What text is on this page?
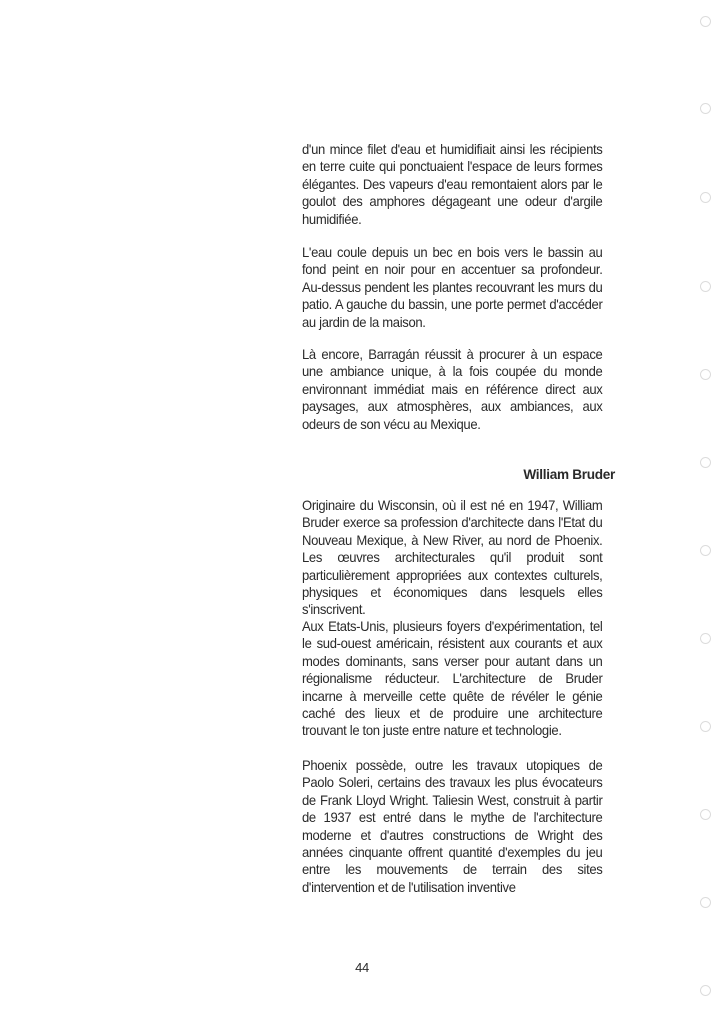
d'un mince filet d'eau et humidifiait ainsi les récipients en terre cuite qui ponctuaient l'espace de leurs formes élégantes. Des vapeurs d'eau remontaient alors par le goulot des amphores dégageant une odeur d'argile humidifiée.

L'eau coule depuis un bec en bois vers le bassin au fond peint en noir pour en accentuer sa profondeur. Au-dessus pendent les plantes recouvrant les murs du patio. A gauche du bassin, une porte permet d'accéder au jardin de la maison.

Là encore, Barragán réussit à procurer à un espace une ambiance unique, à la fois coupée du monde environnant immédiat mais en référence direct aux paysages, aux atmosphères, aux ambiances, aux odeurs de son vécu au Mexique.

William Bruder

Originaire du Wisconsin, où il est né en 1947, William Bruder exerce sa profession d'architecte dans l'Etat du Nouveau Mexique, à New River, au nord de Phoenix. Les œuvres architecturales qu'il produit sont particulièrement appropriées aux contextes culturels, physiques et économiques dans lesquels elles s'inscrivent.

Aux Etats-Unis, plusieurs foyers d'expérimentation, tel le sud-ouest américain, résistent aux courants et aux modes dominants, sans verser pour autant dans un régionalisme réducteur. L'architecture de Bruder incarne à merveille cette quête de révéler le génie caché des lieux et de produire une architecture trouvant le ton juste entre nature et technologie.

Phoenix possède, outre les travaux utopiques de Paolo Soleri, certains des travaux les plus évocateurs de Frank Lloyd Wright. Taliesin West, construit à partir de 1937 est entré dans le mythe de l'architecture moderne et d'autres constructions de Wright des années cinquante offrent quantité d'exemples du jeu entre les mouvements de terrain des sites d'intervention et de l'utilisation inventive

44
